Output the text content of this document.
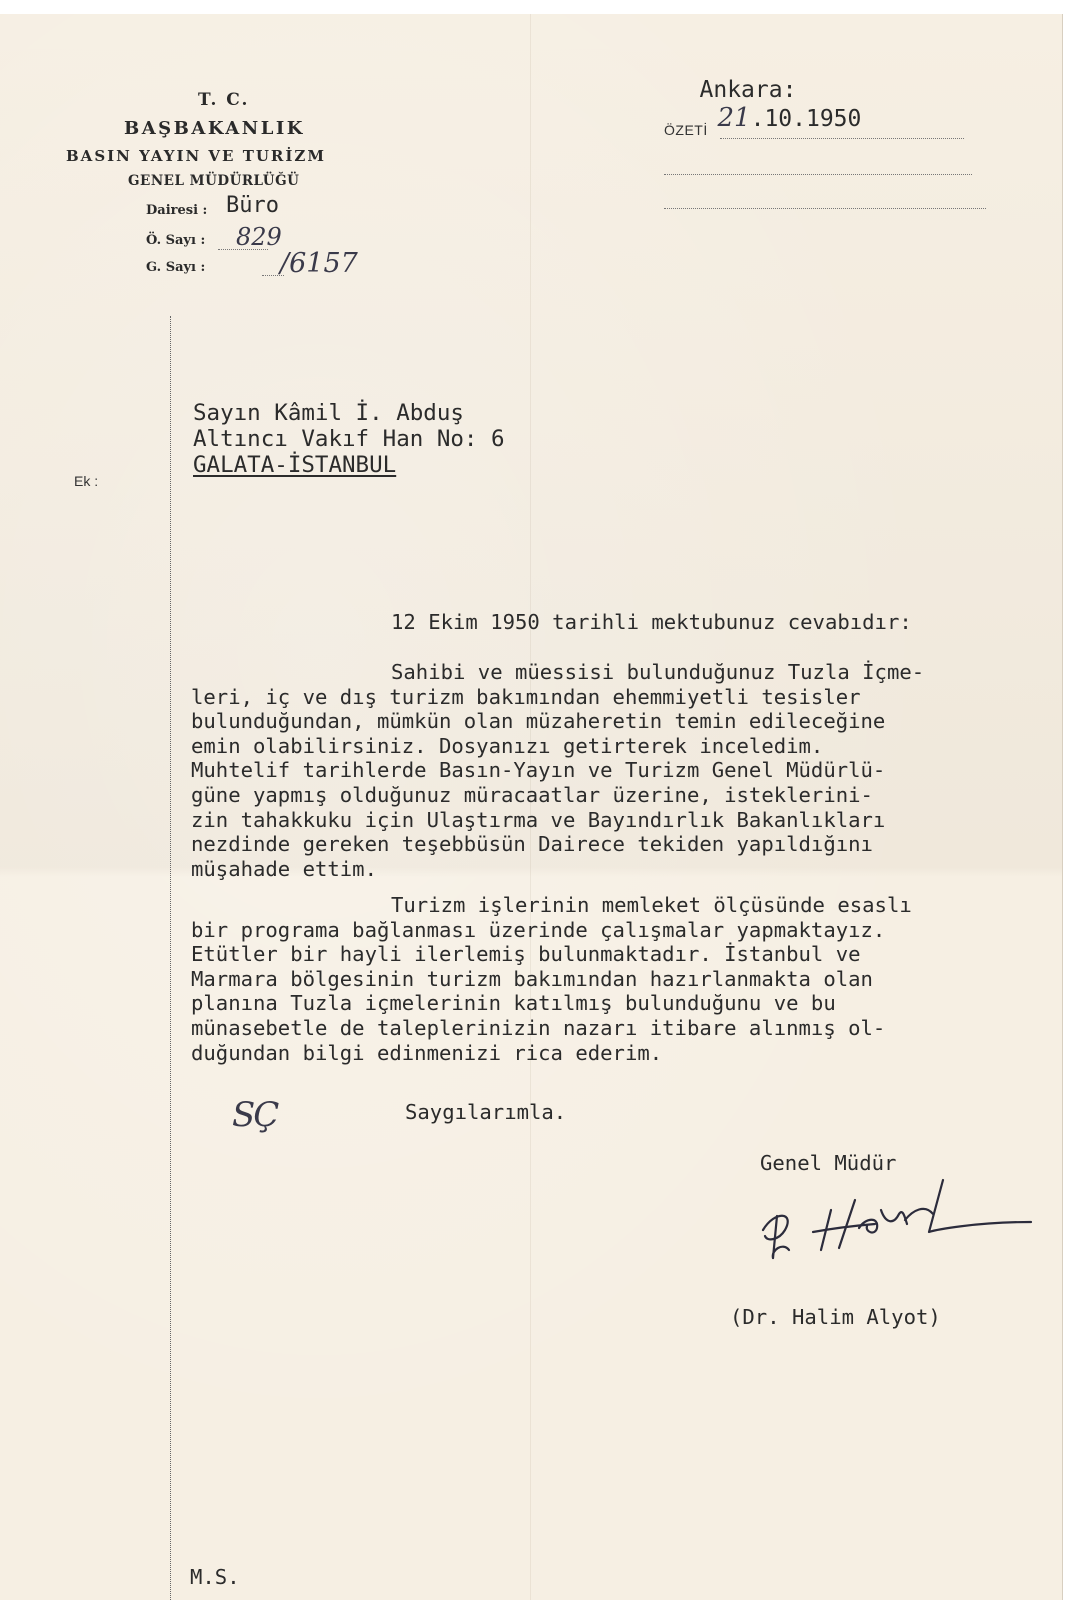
T. C.
BAŞBAKANLIK
BASIN YAYIN VE TURİZM
GENEL MÜDÜRLÜĞÜ
Dairesi : Büro
Ö. Sayı : 829
G. Sayı :	/6157

Ankara:
21.10.1950

ÖZETİ
Ek :
Sayın Kâmil İ. Abduş
Altıncı Vakıf Han No: 6
GALATA-İSTANBUL
12 Ekim 1950 tarihli mektubunuz cevabıdır:
Sahibi ve müessisi bulunduğunuz Tuzla İçme-
leri, iç ve dış turizm bakımından ehemmiyetli tesisler
bulunduğundan, mümkün olan müzaheretin temin edileceğine
emin olabilirsiniz. Dosyanızı getirterek inceledim.
Muhtelif tarihlerde Basın-Yayın ve Turizm Genel Müdürlü-
güne yapmış olduğunuz müracaatlar üzerine, isteklerini-
zin tahakkuku için Ulaştırma ve Bayındırlık Bakanlıkları
nezdinde gereken teşebbüsün Dairece tekiden yapıldığını
müşahade ettim.
Turizm işlerinin memleket ölçüsünde esaslı
bir programa bağlanması üzerinde çalışmalar yapmaktayız.
Etütler bir hayli ilerlemiş bulunmaktadır. İstanbul ve
Marmara bölgesinin turizm bakımından hazırlanmakta olan
planına Tuzla içmelerinin katılmış bulunduğunu ve bu
münasebetle de taleplerinizin nazarı itibare alınmış ol-
duğundan bilgi edinmenizi rica ederim.
SÇ	Saygılarımla.
Genel Müdür
(Dr. Halim Alyot)
M.S.
